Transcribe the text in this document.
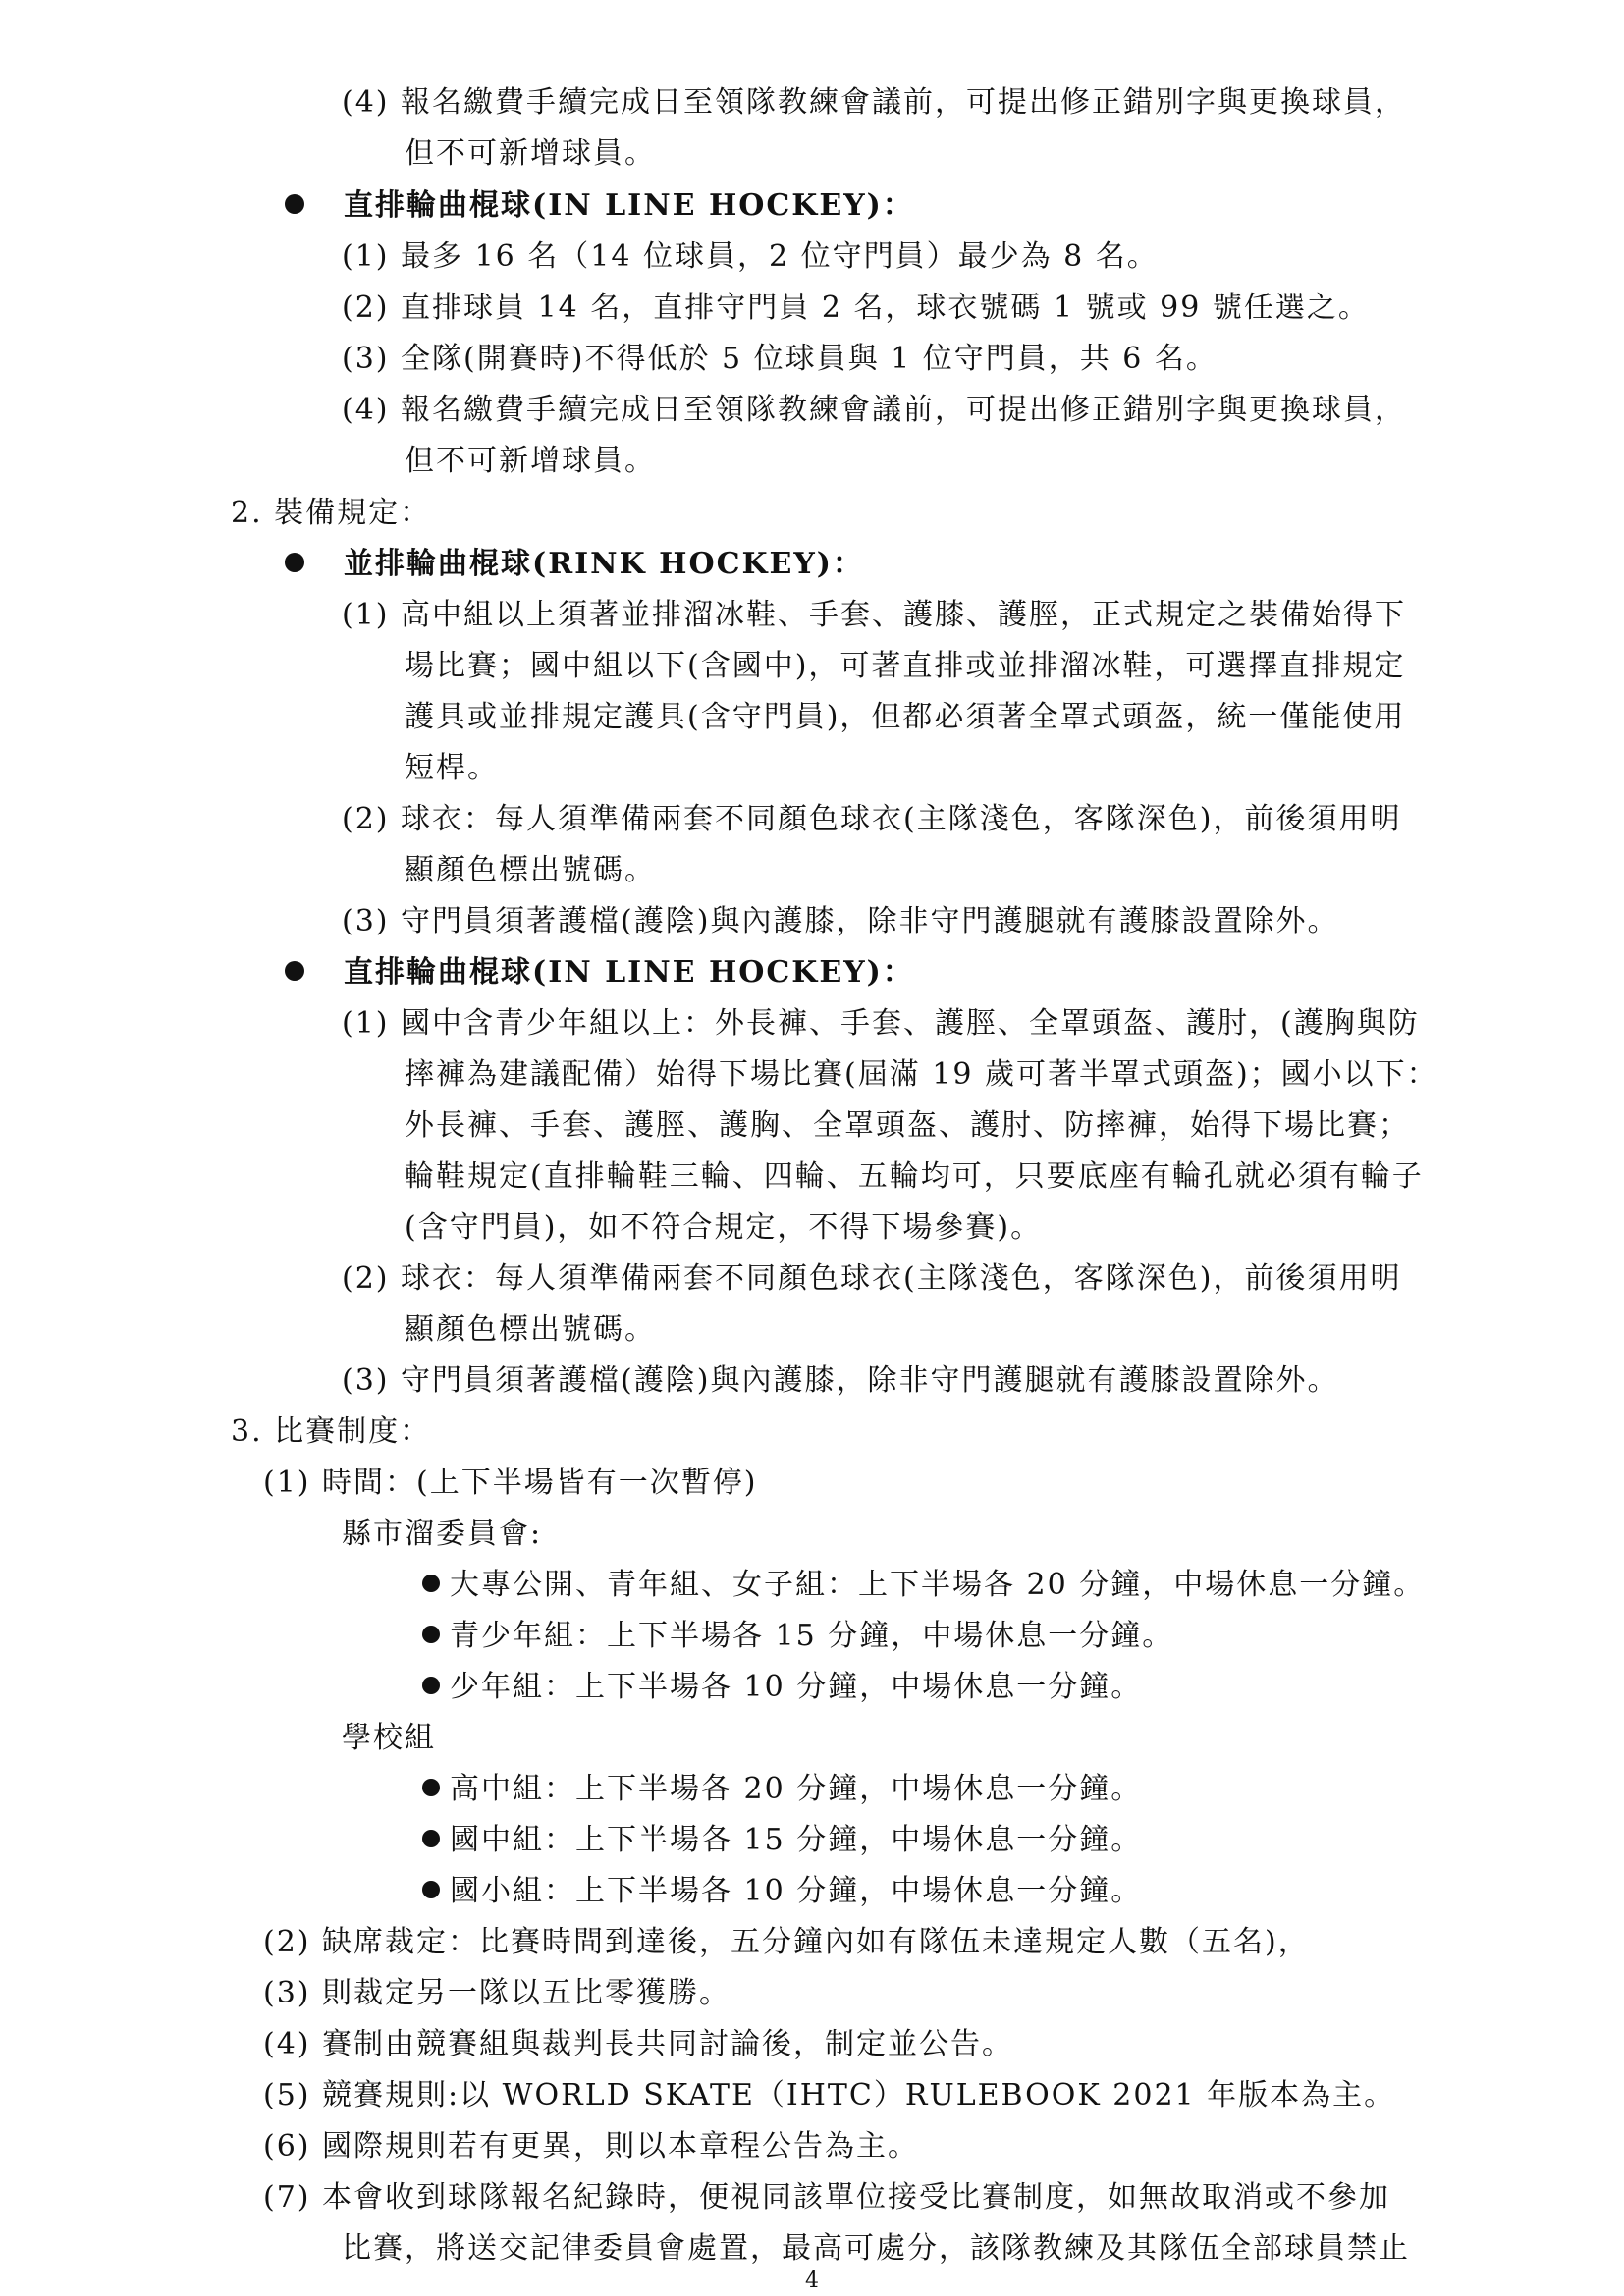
(4) 報名繳費手續完成日至領隊教練會議前，可提出修正錯別字與更換球員，
但不可新增球員。
直排輪曲棍球(IN LINE HOCKEY)：
(1) 最多 16 名（14 位球員，2 位守門員）最少為 8 名。
(2) 直排球員 14 名，直排守門員 2 名，球衣號碼 1 號或 99 號任選之。
(3) 全隊(開賽時)不得低於 5 位球員與 1 位守門員，共 6 名。
(4) 報名繳費手續完成日至領隊教練會議前，可提出修正錯別字與更換球員，
但不可新增球員。
2. 裝備規定：
並排輪曲棍球(RINK HOCKEY)：
(1) 高中組以上須著並排溜冰鞋、手套、護膝、護脛，正式規定之裝備始得下
場比賽；國中組以下(含國中)，可著直排或並排溜冰鞋，可選擇直排規定
護具或並排規定護具(含守門員)，但都必須著全罩式頭盔，統一僅能使用
短桿。
(2) 球衣：每人須準備兩套不同顏色球衣(主隊淺色，客隊深色)，前後須用明
顯顏色標出號碼。
(3) 守門員須著護檔(護陰)與內護膝，除非守門護腿就有護膝設置除外。
直排輪曲棍球(IN LINE HOCKEY)：
(1) 國中含青少年組以上：外長褲、手套、護脛、全罩頭盔、護肘，(護胸與防
摔褲為建議配備）始得下場比賽(屆滿 19 歲可著半罩式頭盔)；國小以下：
外長褲、手套、護脛、護胸、全罩頭盔、護肘、防摔褲，始得下場比賽；
輪鞋規定(直排輪鞋三輪、四輪、五輪均可，只要底座有輪孔就必須有輪子
(含守門員)，如不符合規定，不得下場參賽)。
(2) 球衣：每人須準備兩套不同顏色球衣(主隊淺色，客隊深色)，前後須用明
顯顏色標出號碼。
(3) 守門員須著護檔(護陰)與內護膝，除非守門護腿就有護膝設置除外。
3. 比賽制度：
(1) 時間：(上下半場皆有一次暫停)
縣市溜委員會:
大專公開、青年組、女子組：上下半場各 20 分鐘，中場休息一分鐘。
青少年組：上下半場各 15 分鐘，中場休息一分鐘。
少年組：上下半場各 10 分鐘，中場休息一分鐘。
學校組
高中組：上下半場各 20 分鐘，中場休息一分鐘。
國中組：上下半場各 15 分鐘，中場休息一分鐘。
國小組：上下半場各 10 分鐘，中場休息一分鐘。
(2) 缺席裁定：比賽時間到達後，五分鐘內如有隊伍未達規定人數（五名)，
(3) 則裁定另一隊以五比零獲勝。
(4) 賽制由競賽組與裁判長共同討論後，制定並公告。
(5) 競賽規則:以 WORLD SKATE（IHTC）RULEBOOK 2021 年版本為主。
(6) 國際規則若有更異，則以本章程公告為主。
(7) 本會收到球隊報名紀錄時，便視同該單位接受比賽制度，如無故取消或不參加
比賽，將送交記律委員會處置，最高可處分，該隊教練及其隊伍全部球員禁止
4
